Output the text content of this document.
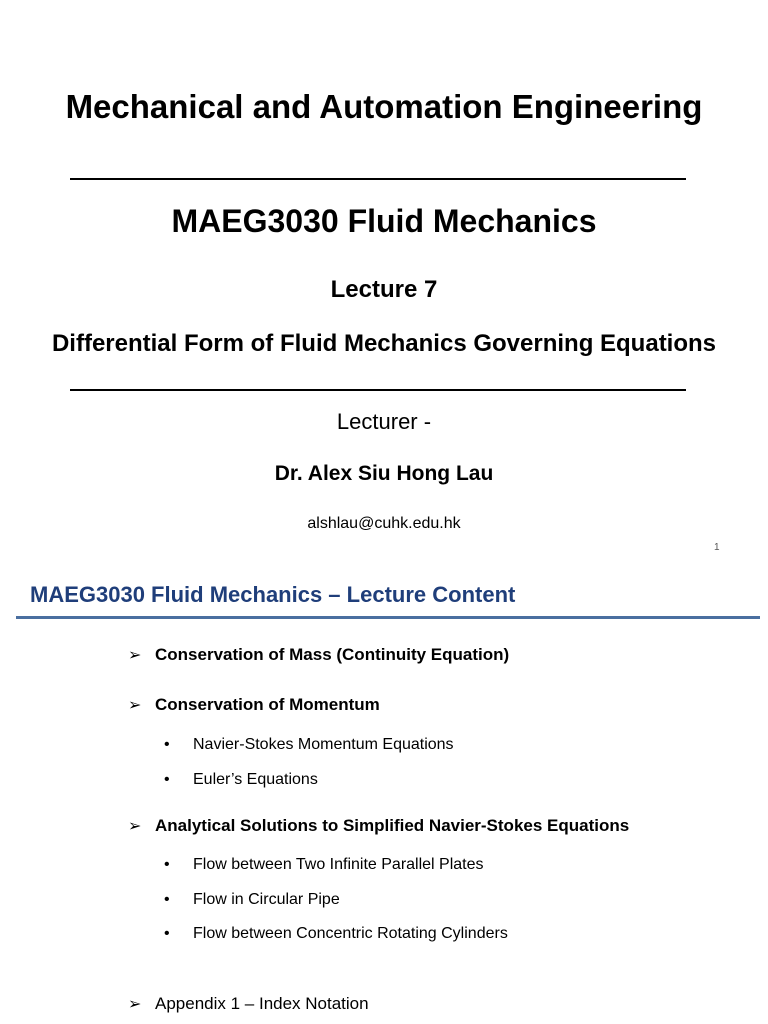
Mechanical and Automation Engineering
MAEG3030 Fluid Mechanics
Lecture 7
Differential Form of Fluid Mechanics Governing Equations
Lecturer -
Dr. Alex Siu Hong Lau
alshlau@cuhk.edu.hk
1
MAEG3030 Fluid Mechanics – Lecture Content
➢ Conservation of Mass (Continuity Equation)
➢ Conservation of Momentum
• Navier-Stokes Momentum Equations
• Euler’s Equations
➢ Analytical Solutions to Simplified Navier-Stokes Equations
• Flow between Two Infinite Parallel Plates
• Flow in Circular Pipe
• Flow between Concentric Rotating Cylinders
➢ Appendix 1 – Index Notation
